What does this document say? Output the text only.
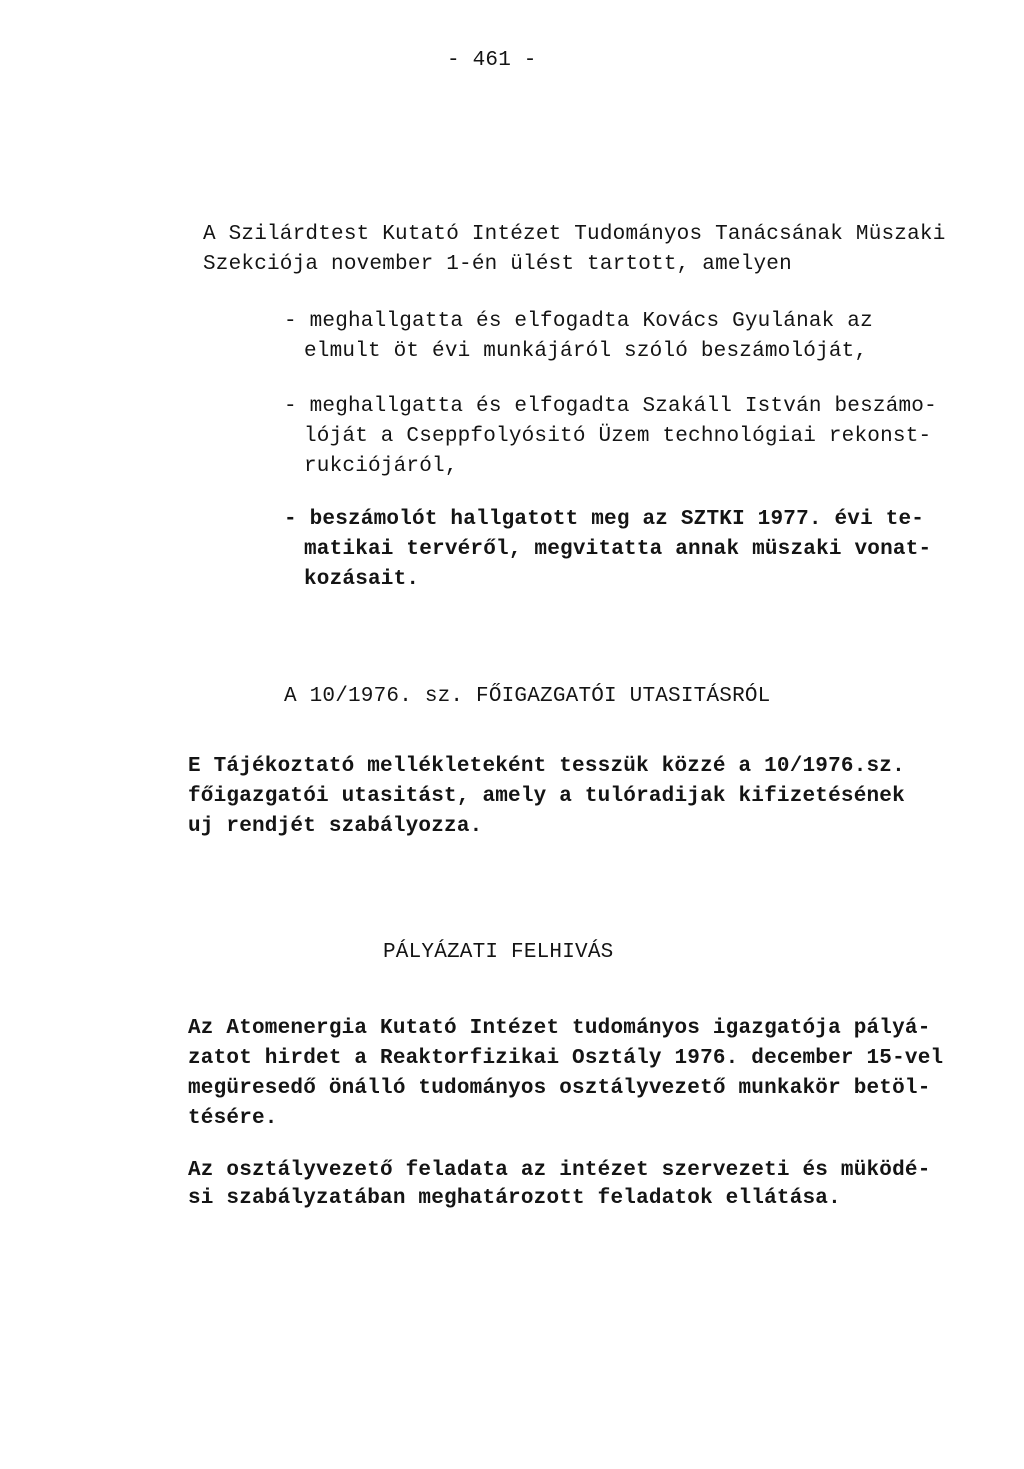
- 461 -
A Szilárdtest Kutató Intézet Tudományos Tanácsának Müszaki
Szekciója november 1-én ülést tartott, amelyen
- meghallgatta és elfogadta Kovács Gyulának az
elmult öt évi munkájáról szóló beszámolóját,
- meghallgatta és elfogadta Szakáll István beszámo-
lóját a Cseppfolyósitó Üzem technológiai rekonst-
rukciójáról,
- beszámolót hallgatott meg az SZTKI 1977. évi te-
matikai tervéről, megvitatta annak müszaki vonat-
kozásait.
A 10/1976. sz. FŐIGAZGATÓI UTASITÁSRÓL
E Tájékoztató mellékleteként tesszük közzé a 10/1976.sz.
főigazgatói utasitást, amely a tulóradijak kifizetésének
uj rendjét szabályozza.
PÁLYÁZATI FELHIVÁS
Az Atomenergia Kutató Intézet tudományos igazgatója pályá-
zatot hirdet a Reaktorfizikai Osztály 1976. december 15-vel
megüresedő önálló tudományos osztályvezető munkakör betöl-
tésére.
Az osztályvezető feladata az intézet szervezeti és müködé-
si szabályzatában meghatározott feladatok ellátása.
